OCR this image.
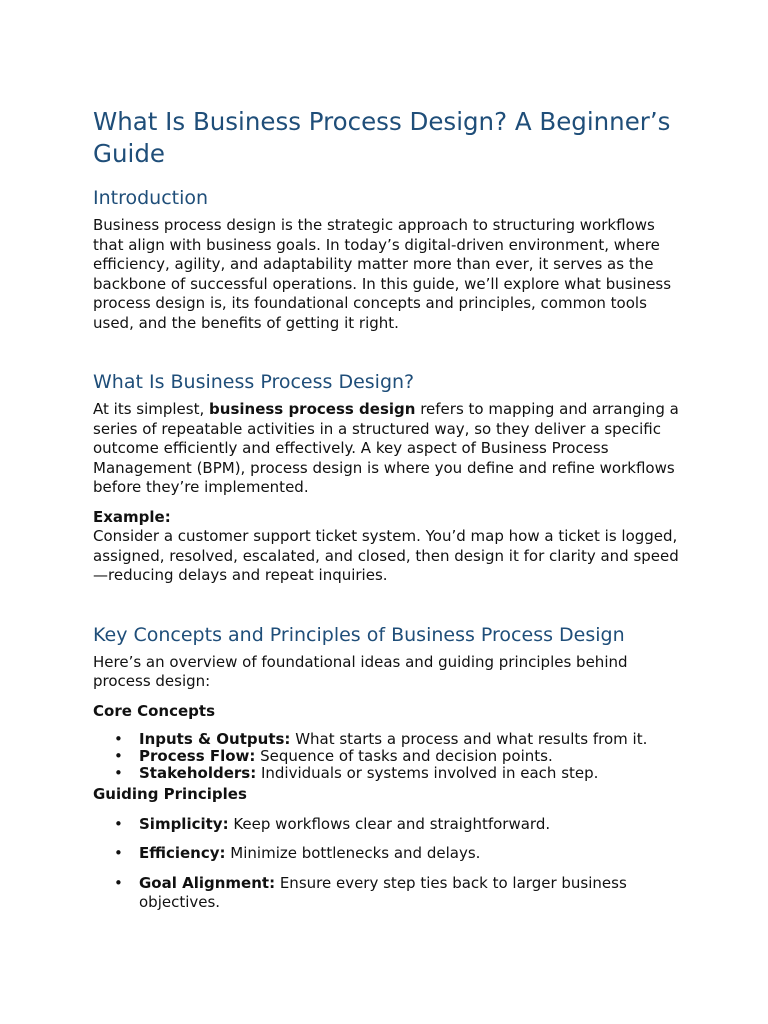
What Is Business Process Design? A Beginner’s Guide
Introduction

Business process design is the strategic approach to structuring workflows that align with business goals. In today’s digital-driven environment, where efficiency, agility, and adaptability matter more than ever, it serves as the backbone of successful operations. In this guide, we’ll explore what business process design is, its foundational concepts and principles, common tools used, and the benefits of getting it right.

What Is Business Process Design?

At its simplest, business process design refers to mapping and arranging a series of repeatable activities in a structured way, so they deliver a specific outcome efficiently and effectively. A key aspect of Business Process Management (BPM), process design is where you define and refine workflows before they’re implemented.

Example:

Consider a customer support ticket system. You’d map how a ticket is logged, assigned, resolved, escalated, and closed, then design it for clarity and speed—reducing delays and repeat inquiries.

Key Concepts and Principles of Business Process Design

Here’s an overview of foundational ideas and guiding principles behind process design:

Core Concepts

• Inputs & Outputs: What starts a process and what results from it.
• Process Flow: Sequence of tasks and decision points.
• Stakeholders: Individuals or systems involved in each step.

Guiding Principles

• Simplicity: Keep workflows clear and straightforward.
• Efficiency: Minimize bottlenecks and delays.
• Goal Alignment: Ensure every step ties back to larger business objectives.
